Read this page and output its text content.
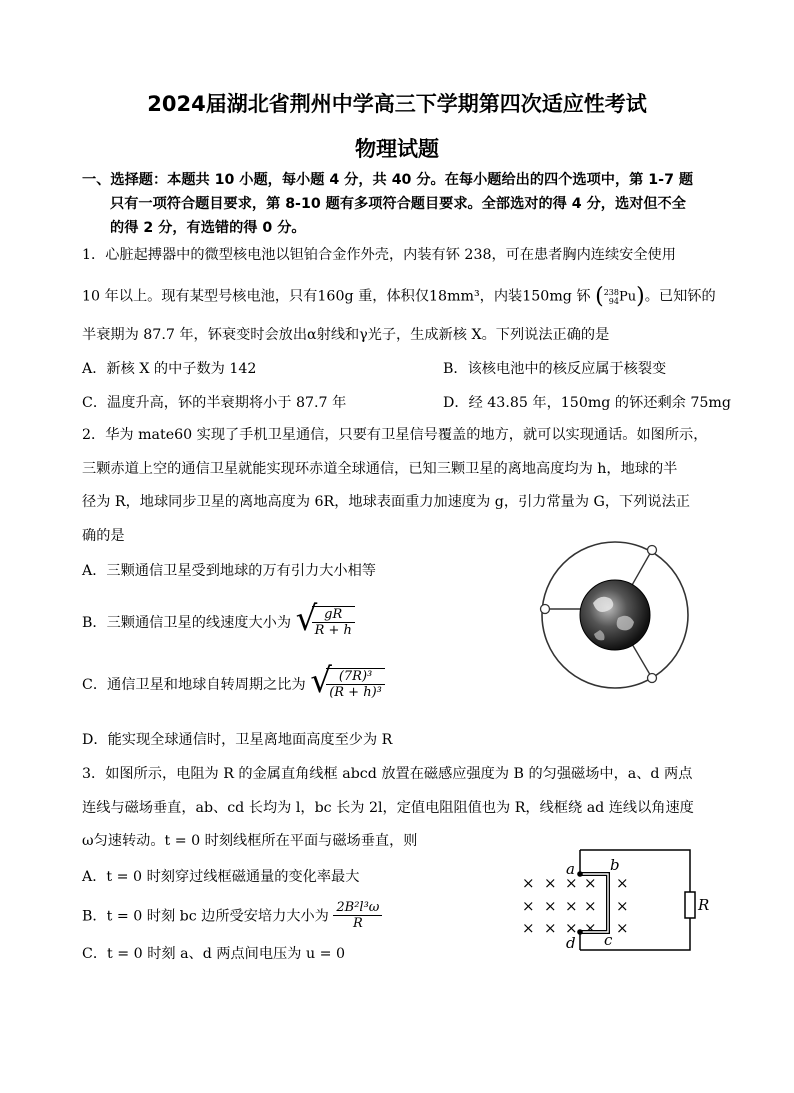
2024届湖北省荆州中学高三下学期第四次适应性考试
物理试题
一、选择题：本题共 10 小题，每小题 4 分，共 40 分。在每小题给出的四个选项中，第 1-7 题
只有一项符合题目要求，第 8-10 题有多项符合题目要求。全部选对的得 4 分，选对但不全
的得 2 分，有选错的得 0 分。
1．心脏起搏器中的微型核电池以钽铂合金作外壳，内装有钚 238，可在患者胸内连续安全使用
10 年以上。现有某型号核电池，只有160g 重，体积仅18mm³，内装150mg 钚 ( 238
94 Pu)。已知钚的
半衰期为 87.7 年，钚衰变时会放出α射线和γ光子，生成新核 X。下列说法正确的是
A．新核 X 的中子数为 142	B．该核电池中的核反应属于核裂变
C．温度升高，钚的半衰期将小于 87.7 年	D．经 43.85 年，150mg 的钚还剩余 75mg
2．华为 mate60 实现了手机卫星通信，只要有卫星信号覆盖的地方，就可以实现通话。如图所示，
三颗赤道上空的通信卫星就能实现环赤道全球通信，已知三颗卫星的离地高度均为 h，地球的半
径为 R，地球同步卫星的离地高度为 6R，地球表面重力加速度为 g，引力常量为 G，下列说法正
确的是
A．三颗通信卫星受到地球的万有引力大小相等
B．三颗通信卫星的线速度大小为 √
$\frac{gR}{R + h}$
C．通信卫星和地球自转周期之比为 √
$\frac{\text{(7R)³}}{\text{(R + h)³}}$
D．能实现全球通信时，卫星离地面高度至少为 R
3．如图所示，电阻为 R 的金属直角线框 abcd 放置在磁感应强度为 B 的匀强磁场中，a、d 两点
连线与磁场垂直，ab、cd 长均为 l，bc 长为 2l，定值电阻阻值也为 R，线框绕 ad 连线以角速度
ω匀速转动。t = 0 时刻线框所在平面与磁场垂直，则
A．t = 0 时刻穿过线框磁通量的变化率最大
B．t = 0 时刻 bc 边所受安培力大小为 $\frac{\text{2B²l³ω}}{R}$
C．t = 0 时刻 a、d 两点间电压为 u = 0
× × × × ×
× × × × ×
× × × × ×
a b
c
d
R
